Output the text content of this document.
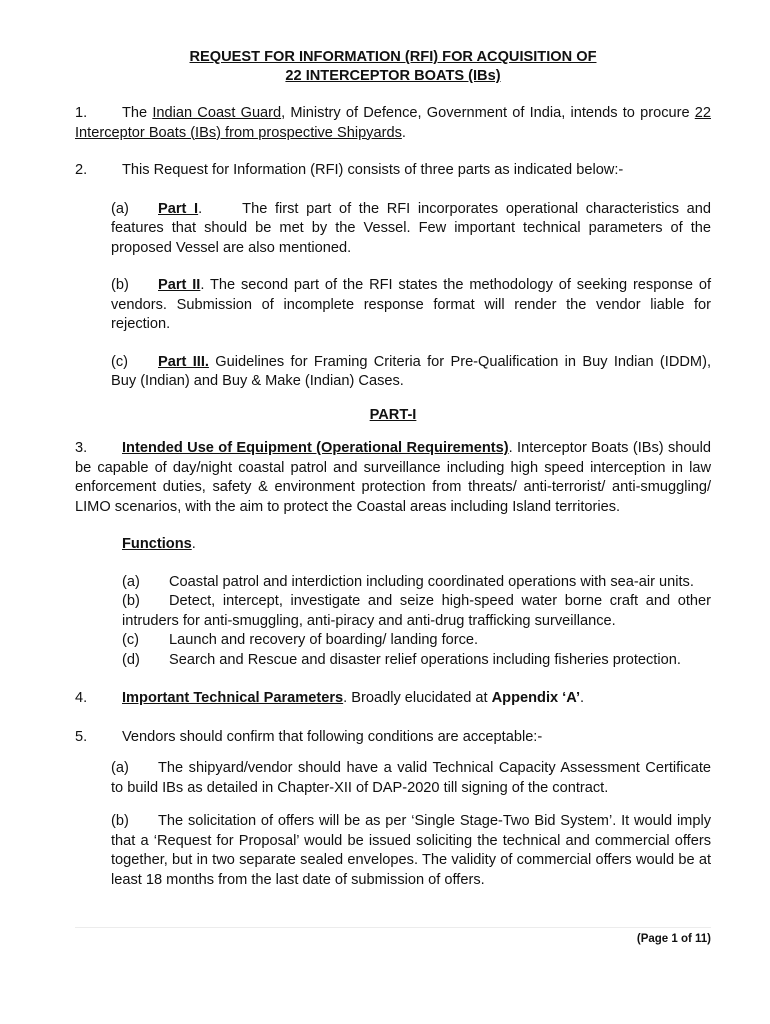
REQUEST FOR INFORMATION (RFI) FOR ACQUISITION OF

22 INTERCEPTOR BOATS (IBs)

1. The Indian Coast Guard, Ministry of Defence, Government of India, intends to procure 22 Interceptor Boats (IBs) from prospective Shipyards.

2. This Request for Information (RFI) consists of three parts as indicated below:-

(a) Part I.	The first part of the RFI incorporates operational characteristics and features that should be met by the Vessel. Few important technical parameters of the proposed Vessel are also mentioned.

(b) Part II. The second part of the RFI states the methodology of seeking response of vendors. Submission of incomplete response format will render the vendor liable for rejection.

(c) Part III. Guidelines for Framing Criteria for Pre-Qualification in Buy Indian (IDDM), Buy (Indian) and Buy & Make (Indian) Cases.

PART-I

3. Intended Use of Equipment (Operational Requirements). Interceptor Boats (IBs) should be capable of day/night coastal patrol and surveillance including high speed interception in law enforcement duties, safety & environment protection from threats/ anti-terrorist/ anti-smuggling/ LIMO scenarios, with the aim to protect the Coastal areas including Island territories.

Functions.

(a) Coastal patrol and interdiction including coordinated operations with sea-air units.

(b) Detect, intercept, investigate and seize high-speed water borne craft and other intruders for anti-smuggling, anti-piracy and anti-drug trafficking surveillance.

(c) Launch and recovery of boarding/ landing force.

(d) Search and Rescue and disaster relief operations including fisheries protection.

4. Important Technical Parameters. Broadly elucidated at Appendix ‘A’.

5. Vendors should confirm that following conditions are acceptable:-

(a) The shipyard/vendor should have a valid Technical Capacity Assessment Certificate to build IBs as detailed in Chapter-XII of DAP-2020 till signing of the contract.

(b) The solicitation of offers will be as per ‘Single Stage-Two Bid System’. It would imply that a ‘Request for Proposal’ would be issued soliciting the technical and commercial offers together, but in two separate sealed envelopes. The validity of commercial offers would be at least 18 months from the last date of submission of offers.

(Page 1 of 11)
